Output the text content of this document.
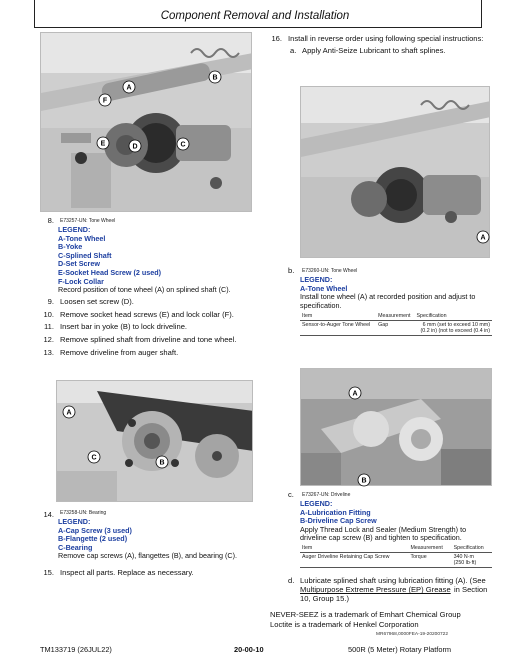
Component Removal and Installation
A
B
C
D
E
F
8. E73257-UN: Tone Wheel
LEGEND:
A-Tone Wheel
B-Yoke
C-Splined Shaft
D-Set Screw
E-Socket Head Screw (2 used)
F-Lock Collar
Record position of tone wheel (A) on splined shaft (C).
9. Loosen set screw (D).
10. Remove socket head screws (E) and lock collar (F).
11. Insert bar in yoke (B) to lock driveline.
12. Remove splined shaft from driveline and tone wheel.
13. Remove driveline from auger shaft.
A
C
B
14. E73258-UN: Bearing
LEGEND:
A-Cap Screw (3 used)
B-Flangette (2 used)
C-Bearing
Remove cap screws (A), flangettes (B), and bearing (C).
15. Inspect all parts. Replace as necessary.
16. Install in reverse order using following special instructions:
a. Apply Anti-Seize Lubricant to shaft splines.
A
b. E73260-UN: Tone Wheel
LEGEND:
A-Tone Wheel
Install tone wheel (A) at recorded position and adjust to specification.
Item	Measurement	Specification
Sensor-to-Auger Tone Wheel	Gap	6 mm (set to exceed 10 mm)
(0.2 in) (not to exceed (0.4 in)
A
B
c. E73267-UN: Driveline
LEGEND:
A-Lubrication Fitting
B-Driveline Cap Screw
Apply Thread Lock and Sealer (Medium Strength) to driveline cap screw (B) and tighten to specification.
Item	Measurement	Specification
Auger Driveline Retaining Cap Screw	Torque	340 N·m
(250 lb·ft)
d. Lubricate splined shaft using lubrication fitting (A). (See
Multipurpose Extreme Pressure (EP) Grease in Section
10, Group 15.)
NEVER-SEEZ is a trademark of Emhart Chemical Group
Loctite is a trademark of Henkel Corporation
MR67968,0000FEA-19-20200722
TM133719 (26JUL22)	20-00-10	500R (5 Meter) Rotary Platform
